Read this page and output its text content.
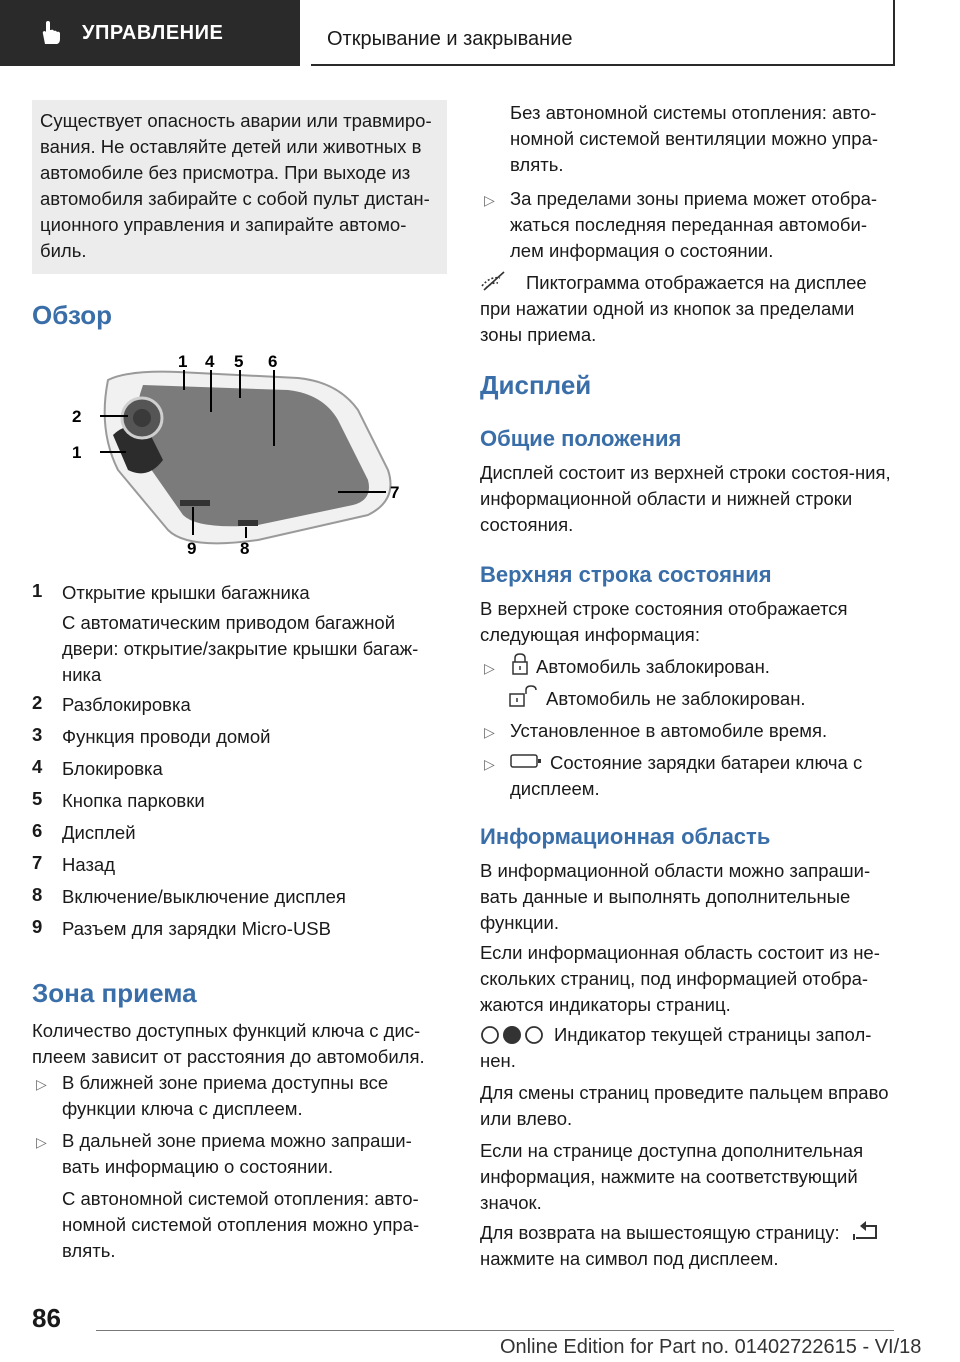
УПРАВЛЕНИЕ	Открывание и закрывание

Существует опасность аварии или травмиро-вания. Не оставляйте детей или животных в автомобиле без присмотра. При выходе из автомобиля забирайте с собой пульт дистан-ционного управления и запирайте автомо-биль.

Обзор
1 4 5 6
2
1
7
9	8
1 Открытие крышки багажника
С автоматическим приводом багажной двери: открытие/закрытие крышки багаж-ника
2 Разблокировка
3 Функция проводи домой
4 Блокировка
5 Кнопка парковки
6 Дисплей
7 Назад
8 Включение/выключение дисплея
9 Разъем для зарядки Micro-USB
Зона приема

Количество доступных функций ключа с дис-плеем зависит от расстояния до автомобиля.

▷ В ближней зоне приема доступны все функции ключа с дисплеем.

▷ В дальней зоне приема можно запраши-вать информацию о состоянии.

С автономной системой отопления: авто-номной системой отопления можно упра-влять.

Без автономной системы отопления: авто-номной системой вентиляции можно упра-влять.

▷ За пределами зоны приема может отобра-жаться последняя переданная автомоби-лем информация о состоянии.

Пиктограмма отображается на дисплее при нажатии одной из кнопок за пределами зоны приема.

Дисплей
Общие положения

Дисплей состоит из верхней строки состоя-ния, информационной области и нижней строки состояния.

Верхняя строка состояния

В верхней строке состояния отображается следующая информация:

▷ Автомобиль заблокирован.

Автомобиль не заблокирован.

▷ Установленное в автомобиле время.

▷	Состояние зарядки батареи ключа с дисплеем.

Информационная область

В информационной области можно запраши-вать данные и выполнять дополнительные функции.

Если информационная область состоит из не-скольких страниц, под информацией отобра-жаются индикаторы страниц.

Индикатор текущей страницы запол-нен.

Для смены страниц проведите пальцем вправо или влево.

Если на странице доступна дополнительная информация, нажмите на соответствующий значок.

Для возврата на вышестоящую страницу:

нажмите на символ под дисплеем.

86
Online Edition for Part no. 01402722615 - VI/18
